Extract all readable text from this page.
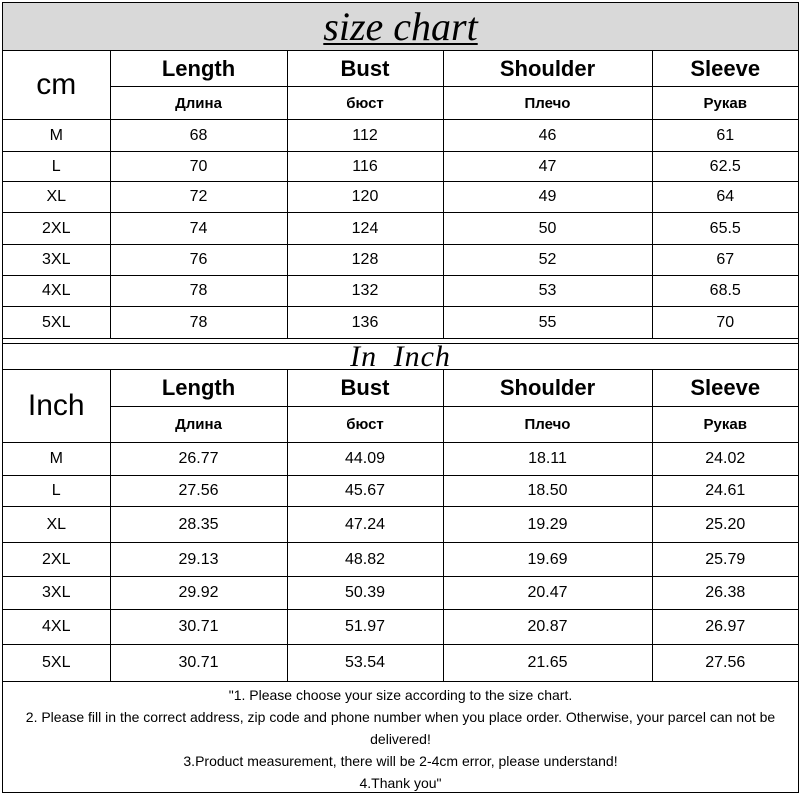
size chart
cm	Length	Bust	Shoulder	Sleeve
	Длина	бюст	Плечо	Рукав
M	68	112	46	61
L	70	116	47	62.5
XL	72	120	49	64
2XL	74	124	50	65.5
3XL	76	128	52	67
4XL	78	132	53	68.5
5XL	78	136	55	70
In Inch
Inch	Length	Bust	Shoulder	Sleeve
	Длина	бюст	Плечо	Рукав
M	26.77	44.09	18.11	24.02
L	27.56	45.67	18.50	24.61
XL	28.35	47.24	19.29	25.20
2XL	29.13	48.82	19.69	25.79
3XL	29.92	50.39	20.47	26.38
4XL	30.71	51.97	20.87	26.97
5XL	30.71	53.54	21.65	27.56
"1. Please choose your size according to the size chart.
2. Please fill in the correct address, zip code and phone number when you place order. Otherwise, your parcel can not be delivered!
3.Product measurement, there will be 2-4cm error, please understand!
4.Thank you"
